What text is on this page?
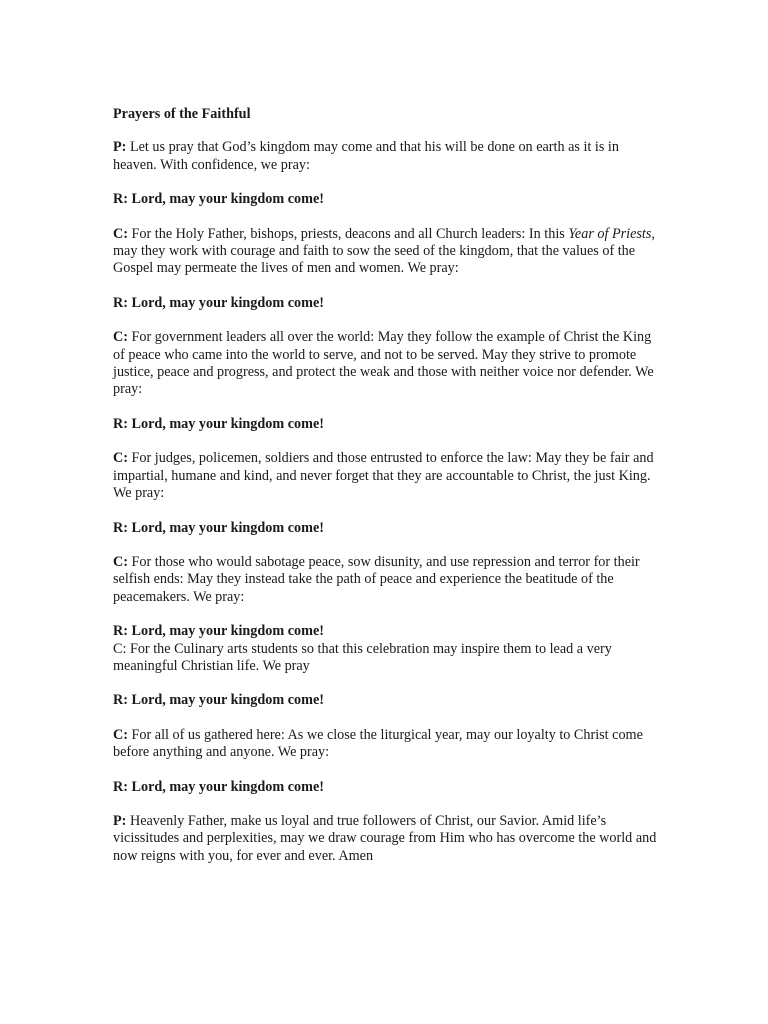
Prayers of the Faithful

P: Let us pray that God’s kingdom may come and that his will be done on earth as it is in heaven. With confidence, we pray:

R: Lord, may your kingdom come!

C: For the Holy Father, bishops, priests, deacons and all Church leaders: In this Year of Priests, may they work with courage and faith to sow the seed of the kingdom, that the values of the Gospel may permeate the lives of men and women. We pray:

R: Lord, may your kingdom come!

C: For government leaders all over the world: May they follow the example of Christ the King of peace who came into the world to serve, and not to be served. May they strive to promote justice, peace and progress, and protect the weak and those with neither voice nor defender. We pray:

R: Lord, may your kingdom come!

C: For judges, policemen, soldiers and those entrusted to enforce the law: May they be fair and impartial, humane and kind, and never forget that they are accountable to Christ, the just King. We pray:

R: Lord, may your kingdom come!

C: For those who would sabotage peace, sow disunity, and use repression and terror for their selfish ends: May they instead take the path of peace and experience the beatitude of the peacemakers. We pray:

R: Lord, may your kingdom come!

C: For the Culinary arts students so that this celebration may inspire them to lead a very meaningful Christian life. We pray

R: Lord, may your kingdom come!

C: For all of us gathered here: As we close the liturgical year, may our loyalty to Christ come before anything and anyone. We pray:

R: Lord, may your kingdom come!

P: Heavenly Father, make us loyal and true followers of Christ, our Savior. Amid life’s vicissitudes and perplexities, may we draw courage from Him who has overcome the world and now reigns with you, for ever and ever. Amen
